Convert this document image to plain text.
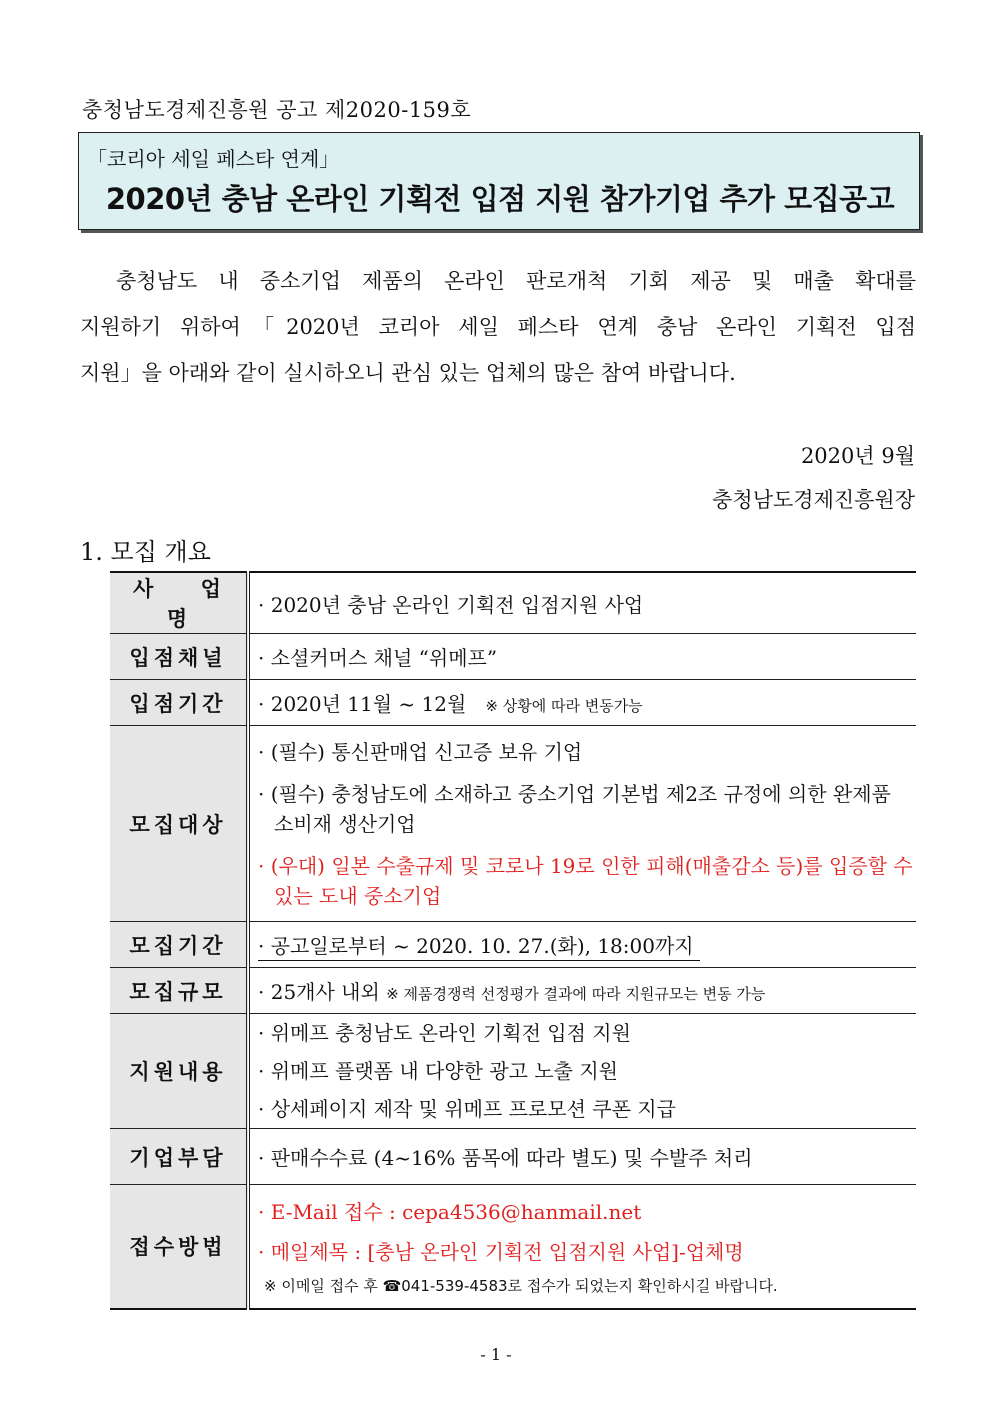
충청남도경제진흥원 공고 제2020-159호
「코리아 세일 페스타 연계」
2020년 충남 온라인 기획전 입점 지원 참가기업 추가 모집공고
충청남도 내 중소기업 제품의 온라인 판로개척 기회 제공 및 매출 확대를
지원하기 위하여「2020년 코리아 세일 페스타 연계 충남 온라인 기획전 입점
지원」을 아래와 같이 실시하오니 관심 있는 업체의 많은 참여 바랍니다.
2020년 9월
충청남도경제진흥원장
1. 모집 개요
사 업 명	· 2020년 충남 온라인 기획전 입점지원 사업
입점채널	· 소셜커머스 채널 “위메프”
입점기간	· 2020년 11월 ~ 12월 ※ 상황에 따라 변동가능
모집대상	· (필수) 통신판매업 신고증 보유 기업
· (필수) 충청남도에 소재하고 중소기업 기본법 제2조 규정에 의한 완제품 소비재 생산기업
· (우대) 일본 수출규제 및 코로나 19로 인한 피해(매출감소 등)를 입증할 수 있는 도내 중소기업

모집기간	· 공고일로부터 ~ 2020. 10. 27.(화), 18:00까지
모집규모	· 25개사 내외 ※ 제품경쟁력 선정평가 결과에 따라 지원규모는 변동 가능
지원내용	· 위메프 충청남도 온라인 기획전 입점 지원
· 위메프 플랫폼 내 다양한 광고 노출 지원
· 상세페이지 제작 및 위메프 프로모션 쿠폰 지급

기업부담	· 판매수수료 (4~16% 품목에 따라 별도) 및 수발주 처리
접수방법	· E-Mail 접수 : cepa4536@hanmail.net
· 메일제목 : [충남 온라인 기획전 입점지원 사업]-업체명
※ 이메일 접수 후 ☎041-539-4583로 접수가 되었는지 확인하시길 바랍니다.
- 1 -
